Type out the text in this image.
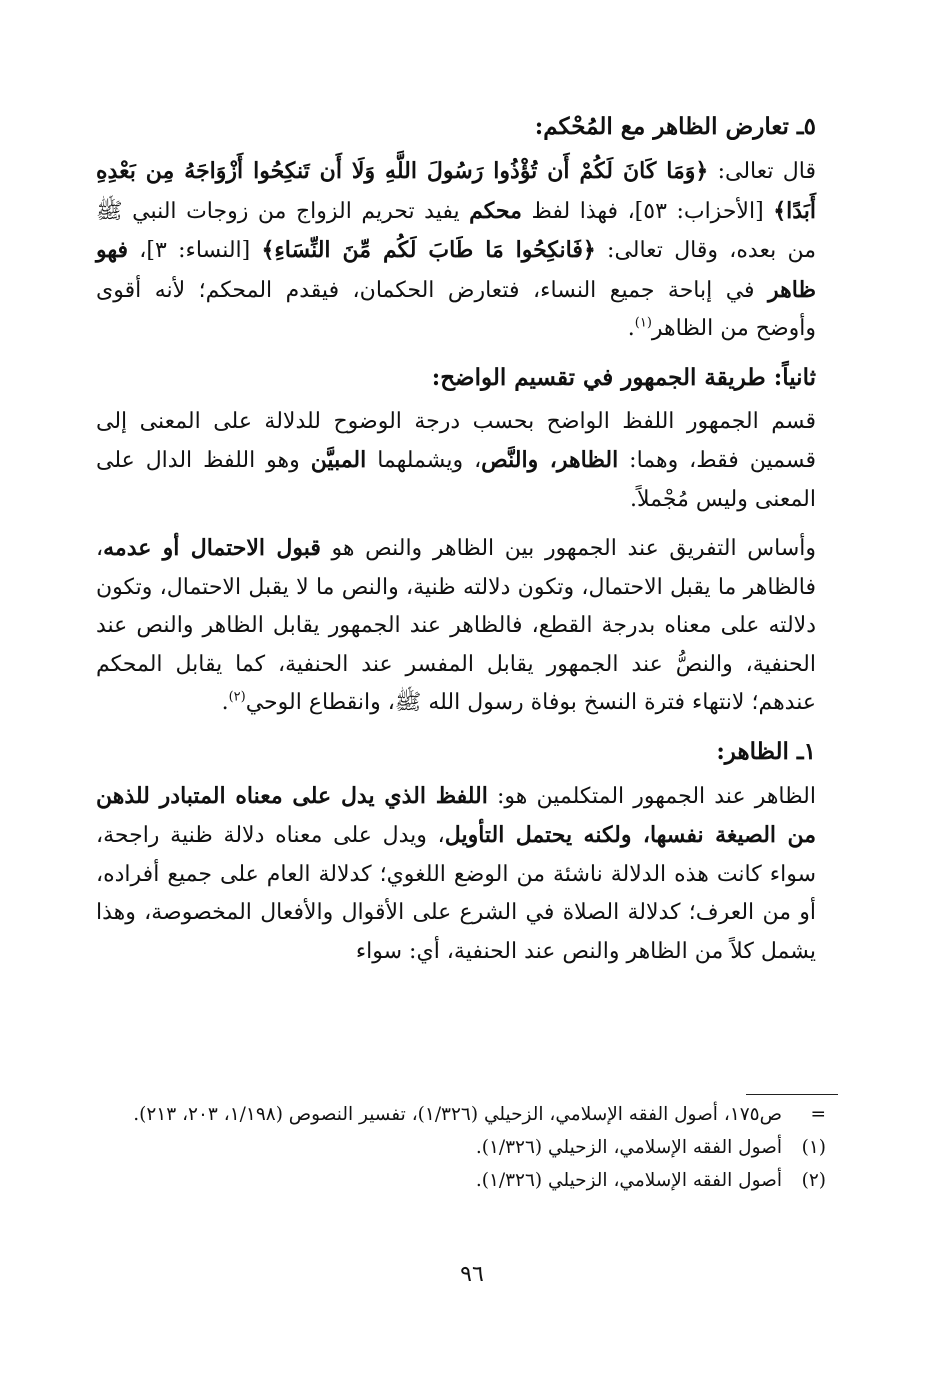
٥ـ تعارض الظاهر مع المُحْكم:

قال تعالى: ﴿وَمَا كَانَ لَكُمْ أَن تُؤْذُوا رَسُولَ اللَّهِ وَلَا أَن تَنكِحُوا أَزْوَاجَهُ مِن بَعْدِهِ أَبَدًا﴾ [الأحزاب: ٥٣]، فهذا لفظ محكم يفيد تحريم الزواج من زوجات النبي ﷺ من بعده، وقال تعالى: ﴿فَانكِحُوا مَا طَابَ لَكُم مِّنَ النِّسَاءِ﴾ [النساء: ٣]، فهو ظاهر في إباحة جميع النساء، فتعارض الحكمان، فيقدم المحكم؛ لأنه أقوى وأوضح من الظاهر$^{(١)}$.

ثانياً: طريقة الجمهور في تقسيم الواضح:

قسم الجمهور اللفظ الواضح بحسب درجة الوضوح للدلالة على المعنى إلى قسمين فقط، وهما: الظاهر، والنَّص، ويشملهما المبيَّن وهو اللفظ الدال على المعنى وليس مُجْملاً.

وأساس التفريق عند الجمهور بين الظاهر والنص هو قبول الاحتمال أو عدمه، فالظاهر ما يقبل الاحتمال، وتكون دلالته ظنية، والنص ما لا يقبل الاحتمال، وتكون دلالته على معناه بدرجة القطع، فالظاهر عند الجمهور يقابل الظاهر والنص عند الحنفية، والنصُّ عند الجمهور يقابل المفسر عند الحنفية، كما يقابل المحكم عندهم؛ لانتهاء فترة النسخ بوفاة رسول الله ﷺ، وانقطاع الوحي$^{(٢)}$.

١ـ الظاهر:

الظاهر عند الجمهور المتكلمين هو: اللفظ الذي يدل على معناه المتبادر للذهن من الصيغة نفسها، ولكنه يحتمل التأويل، ويدل على معناه دلالة ظنية راجحة، سواء كانت هذه الدلالة ناشئة من الوضع اللغوي؛ كدلالة العام على جميع أفراده، أو من العرف؛ كدلالة الصلاة في الشرع على الأقوال والأفعال المخصوصة، وهذا يشمل كلاً من الظاهر والنص عند الحنفية، أي: سواء

=
ص١٧٥، أصول الفقه الإسلامي، الزحيلي (١/٣٢٦)، تفسير النصوص (١/١٩٨، ٢٠٣، ٢١٣).
(١)
أصول الفقه الإسلامي، الزحيلي (١/٣٢٦).
(٢)
أصول الفقه الإسلامي، الزحيلي (١/٣٢٦).
٩٦
